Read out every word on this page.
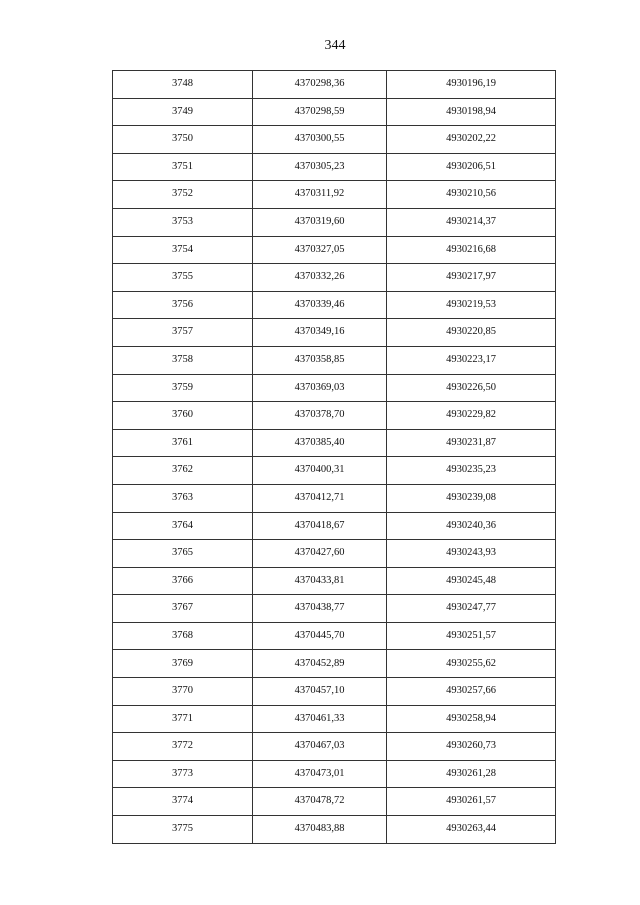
344
3748	4370298,36	4930196,19
3749	4370298,59	4930198,94
3750	4370300,55	4930202,22
3751	4370305,23	4930206,51
3752	4370311,92	4930210,56
3753	4370319,60	4930214,37
3754	4370327,05	4930216,68
3755	4370332,26	4930217,97
3756	4370339,46	4930219,53
3757	4370349,16	4930220,85
3758	4370358,85	4930223,17
3759	4370369,03	4930226,50
3760	4370378,70	4930229,82
3761	4370385,40	4930231,87
3762	4370400,31	4930235,23
3763	4370412,71	4930239,08
3764	4370418,67	4930240,36
3765	4370427,60	4930243,93
3766	4370433,81	4930245,48
3767	4370438,77	4930247,77
3768	4370445,70	4930251,57
3769	4370452,89	4930255,62
3770	4370457,10	4930257,66
3771	4370461,33	4930258,94
3772	4370467,03	4930260,73
3773	4370473,01	4930261,28
3774	4370478,72	4930261,57
3775	4370483,88	4930263,44
